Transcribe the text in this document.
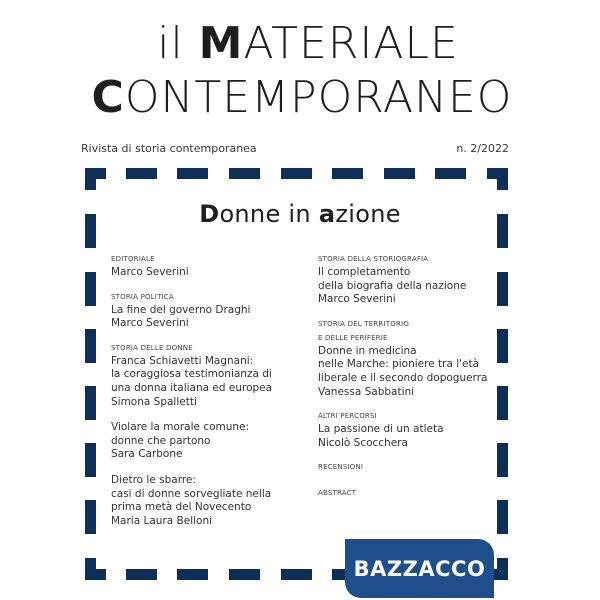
il MATERIALE
CONTEMPORANEO
Rivista di storia contemporanea	n. 2/2022
Donne in azione
EDITORIALE
Marco Severini
STORIA POLITICA
La fine del governo Draghi
Marco Severini
STORIA DELLE DONNE
Franca Schiavetti Magnani:
la coraggiosa testimonianza di
una donna italiana ed europea
Simona Spalletti
Violare la morale comune:
donne che partono
Sara Carbone
Dietro le sbarre:
casi di donne sorvegliate nella
prima metà del Novecento
Maria Laura Belloni
STORIA DELLA STORIOGRAFIA
Il completamento
della biografia della nazione
Marco Severini
STORIA DEL TERRITORIO
E DELLE PERIFERIE
Donne in medicina
nelle Marche: pioniere tra l'età
liberale e il secondo dopoguerra
Vanessa Sabbatini
ALTRI PERCORSI
La passione di un atleta
Nicolò Scocchera
RECENSIONI
ABSTRACT
BAZZACCO
